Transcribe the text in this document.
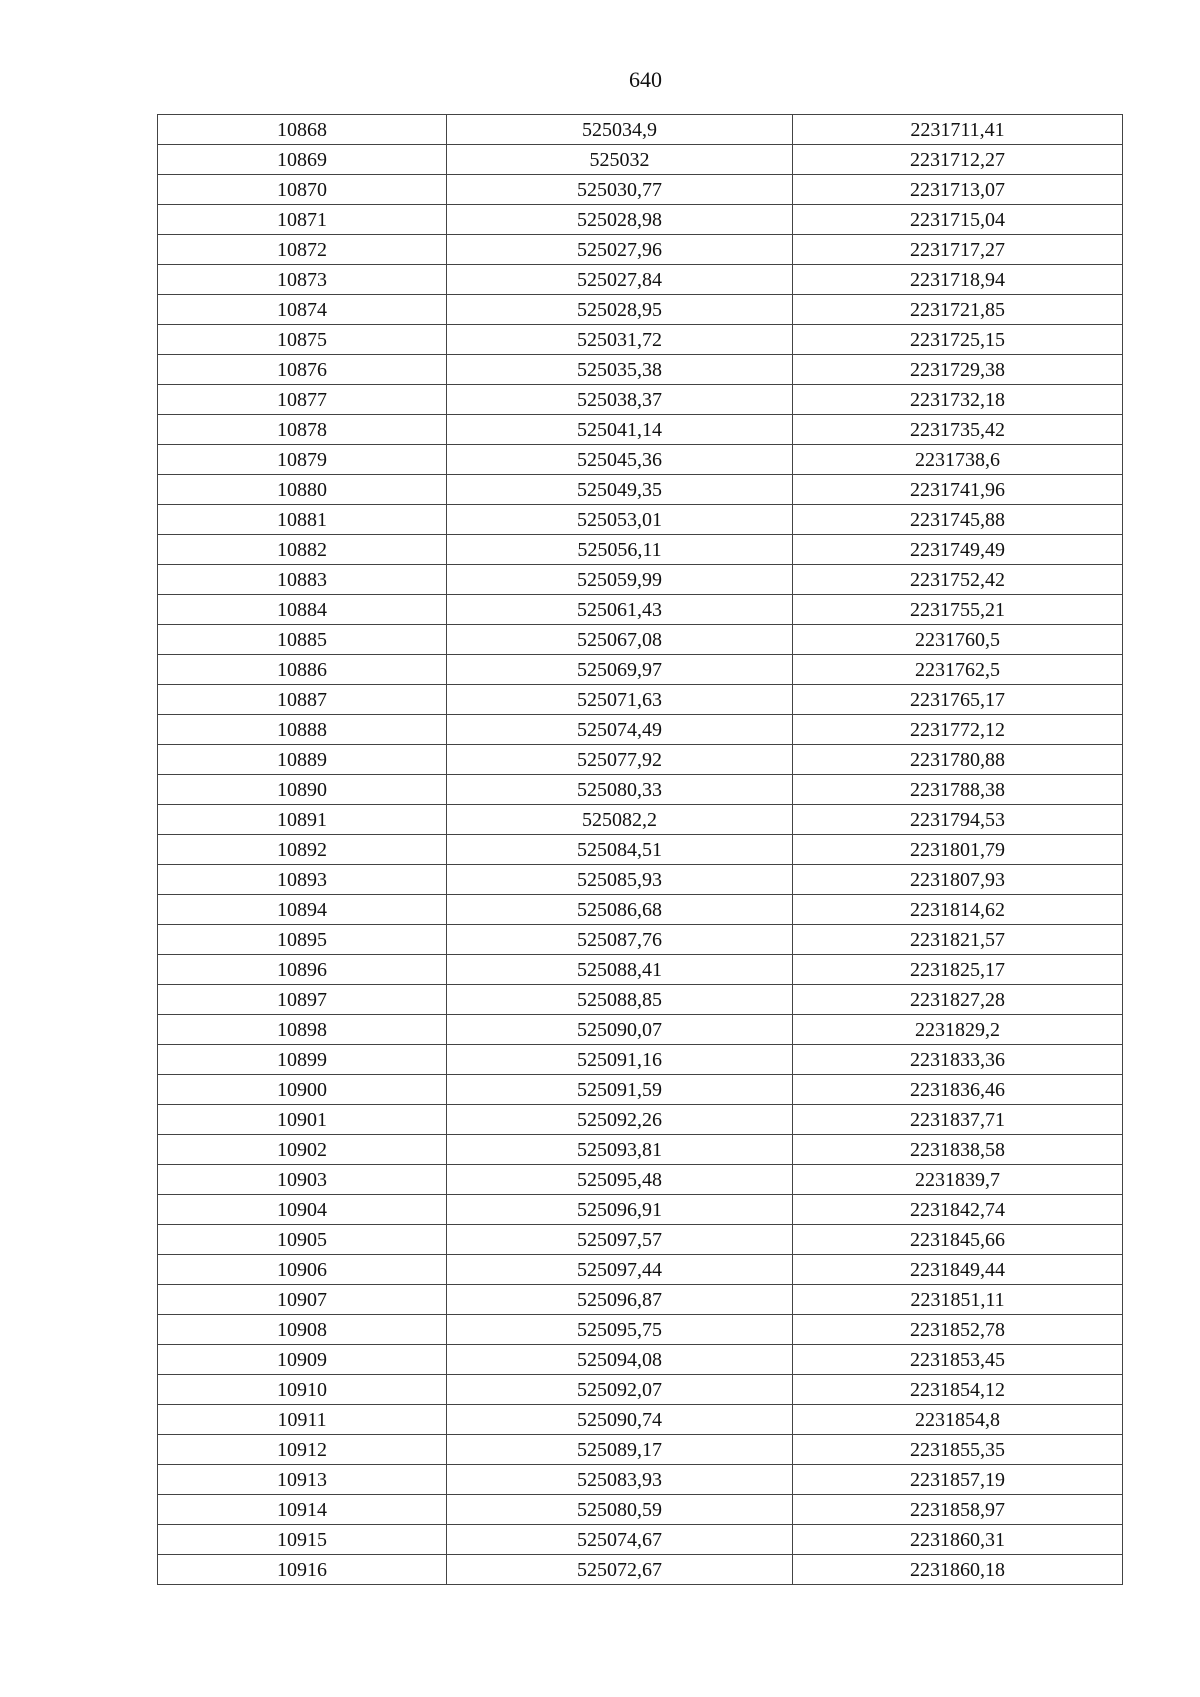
640
10868	525034,9	2231711,41
10869	525032	2231712,27
10870	525030,77	2231713,07
10871	525028,98	2231715,04
10872	525027,96	2231717,27
10873	525027,84	2231718,94
10874	525028,95	2231721,85
10875	525031,72	2231725,15
10876	525035,38	2231729,38
10877	525038,37	2231732,18
10878	525041,14	2231735,42
10879	525045,36	2231738,6
10880	525049,35	2231741,96
10881	525053,01	2231745,88
10882	525056,11	2231749,49
10883	525059,99	2231752,42
10884	525061,43	2231755,21
10885	525067,08	2231760,5
10886	525069,97	2231762,5
10887	525071,63	2231765,17
10888	525074,49	2231772,12
10889	525077,92	2231780,88
10890	525080,33	2231788,38
10891	525082,2	2231794,53
10892	525084,51	2231801,79
10893	525085,93	2231807,93
10894	525086,68	2231814,62
10895	525087,76	2231821,57
10896	525088,41	2231825,17
10897	525088,85	2231827,28
10898	525090,07	2231829,2
10899	525091,16	2231833,36
10900	525091,59	2231836,46
10901	525092,26	2231837,71
10902	525093,81	2231838,58
10903	525095,48	2231839,7
10904	525096,91	2231842,74
10905	525097,57	2231845,66
10906	525097,44	2231849,44
10907	525096,87	2231851,11
10908	525095,75	2231852,78
10909	525094,08	2231853,45
10910	525092,07	2231854,12
10911	525090,74	2231854,8
10912	525089,17	2231855,35
10913	525083,93	2231857,19
10914	525080,59	2231858,97
10915	525074,67	2231860,31
10916	525072,67	2231860,18
